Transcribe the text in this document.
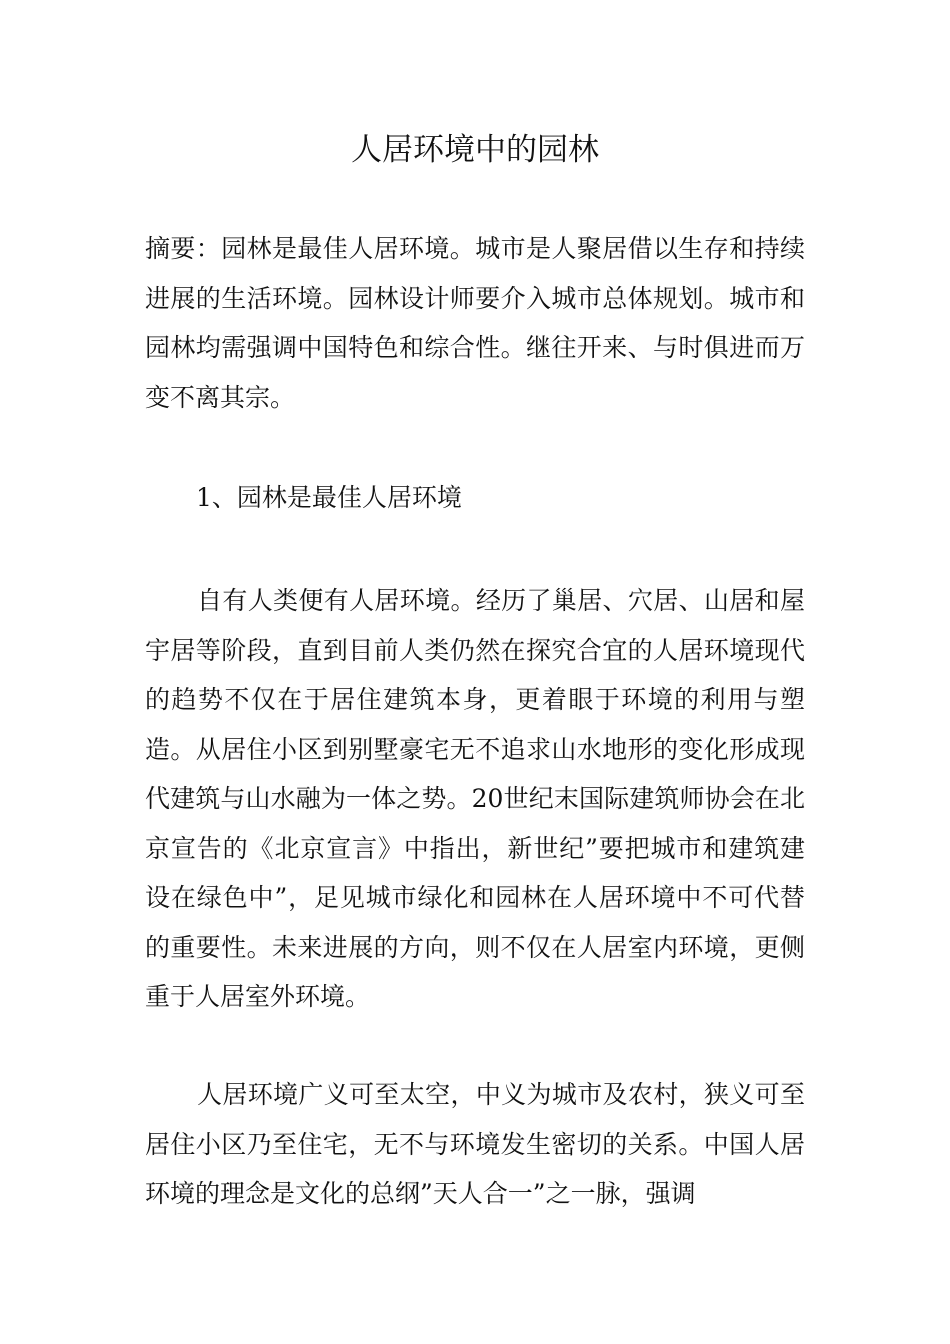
人居环境中的园林

摘要：园林是最佳人居环境。城市是人聚居借以生存和持续进展的生活环境。园林设计师要介入城市总体规划。城市和园林均需强调中国特色和综合性。继往开来、与时俱进而万变不离其宗。

1、园林是最佳人居环境

自有人类便有人居环境。经历了巢居、穴居、山居和屋宇居等阶段，直到目前人类仍然在探究合宜的人居环境现代的趋势不仅在于居住建筑本身，更着眼于环境的利用与塑造。从居住小区到别墅豪宅无不追求山水地形的变化形成现代建筑与山水融为一体之势。20世纪末国际建筑师协会在北京宣告的《北京宣言》中指出，新世纪”要把城市和建筑建设在绿色中”，足见城市绿化和园林在人居环境中不可代替的重要性。未来进展的方向，则不仅在人居室内环境，更侧重于人居室外环境。

人居环境广义可至太空，中义为城市及农村，狭义可至居住小区乃至住宅，无不与环境发生密切的关系。中国人居环境的理念是文化的总纲”天人合一”之一脉，强调
